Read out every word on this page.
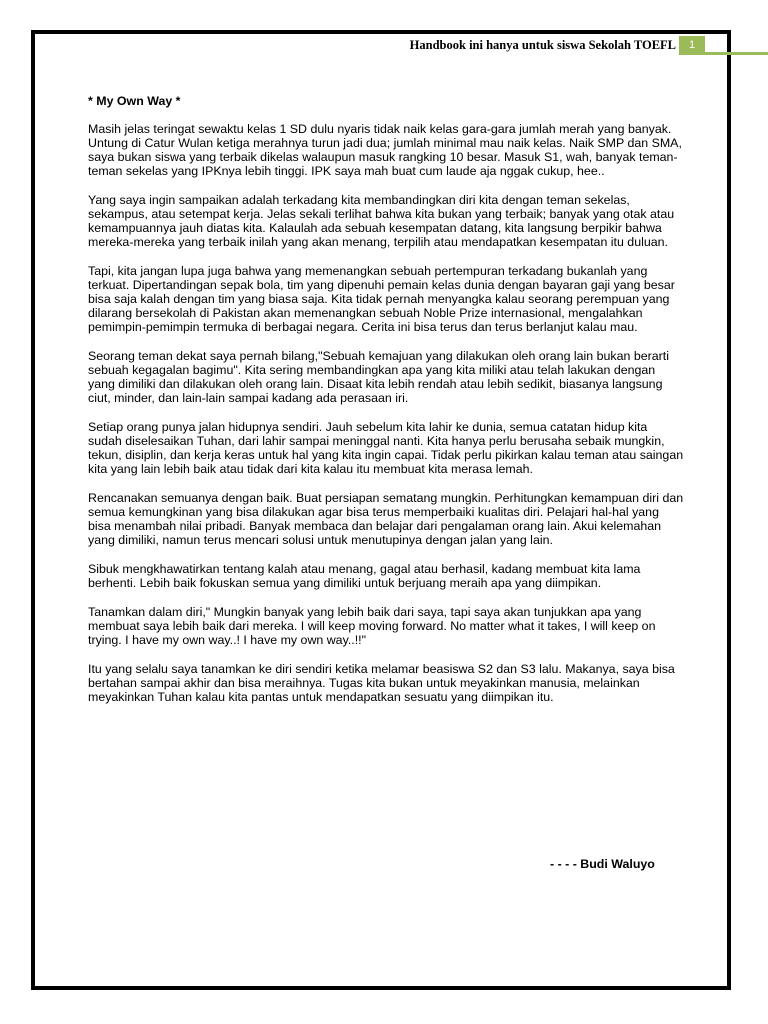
Handbook ini hanya untuk siswa Sekolah TOEFL	1
* My Own Way *

Masih jelas teringat sewaktu kelas 1 SD dulu nyaris tidak naik kelas gara-gara jumlah merah yang banyak. Untung di Catur Wulan ketiga merahnya turun jadi dua; jumlah minimal mau naik kelas. Naik SMP dan SMA, saya bukan siswa yang terbaik dikelas walaupun masuk rangking 10 besar. Masuk S1, wah, banyak teman-teman sekelas yang IPKnya lebih tinggi. IPK saya mah buat cum laude aja nggak cukup, hee..

Yang saya ingin sampaikan adalah terkadang kita membandingkan diri kita dengan teman sekelas, sekampus, atau setempat kerja. Jelas sekali terlihat bahwa kita bukan yang terbaik; banyak yang otak atau kemampuannya jauh diatas kita. Kalaulah ada sebuah kesempatan datang, kita langsung berpikir bahwa mereka-mereka yang terbaik inilah yang akan menang, terpilih atau mendapatkan kesempatan itu duluan.

Tapi, kita jangan lupa juga bahwa yang memenangkan sebuah pertempuran terkadang bukanlah yang terkuat. Dipertandingan sepak bola, tim yang dipenuhi pemain kelas dunia dengan bayaran gaji yang besar bisa saja kalah dengan tim yang biasa saja. Kita tidak pernah menyangka kalau seorang perempuan yang dilarang bersekolah di Pakistan akan memenangkan sebuah Noble Prize internasional, mengalahkan pemimpin-pemimpin termuka di berbagai negara. Cerita ini bisa terus dan terus berlanjut kalau mau.

Seorang teman dekat saya pernah bilang,"Sebuah kemajuan yang dilakukan oleh orang lain bukan berarti sebuah kegagalan bagimu". Kita sering membandingkan apa yang kita miliki atau telah lakukan dengan yang dimiliki dan dilakukan oleh orang lain. Disaat kita lebih rendah atau lebih sedikit, biasanya langsung ciut, minder, dan lain-lain sampai kadang ada perasaan iri.

Setiap orang punya jalan hidupnya sendiri. Jauh sebelum kita lahir ke dunia, semua catatan hidup kita sudah diselesaikan Tuhan, dari lahir sampai meninggal nanti. Kita hanya perlu berusaha sebaik mungkin, tekun, disiplin, dan kerja keras untuk hal yang kita ingin capai. Tidak perlu pikirkan kalau teman atau saingan kita yang lain lebih baik atau tidak dari kita kalau itu membuat kita merasa lemah.

Rencanakan semuanya dengan baik. Buat persiapan sematang mungkin. Perhitungkan kemampuan diri dan semua kemungkinan yang bisa dilakukan agar bisa terus memperbaiki kualitas diri. Pelajari hal-hal yang bisa menambah nilai pribadi. Banyak membaca dan belajar dari pengalaman orang lain. Akui kelemahan yang dimiliki, namun terus mencari solusi untuk menutupinya dengan jalan yang lain.

Sibuk mengkhawatirkan tentang kalah atau menang, gagal atau berhasil, kadang membuat kita lama berhenti. Lebih baik fokuskan semua yang dimiliki untuk berjuang meraih apa yang diimpikan.

Tanamkan dalam diri," Mungkin banyak yang lebih baik dari saya, tapi saya akan tunjukkan apa yang membuat saya lebih baik dari mereka. I will keep moving forward. No matter what it takes, I will keep on trying. I have my own way..! I have my own way..!!"

Itu yang selalu saya tanamkan ke diri sendiri ketika melamar beasiswa S2 dan S3 lalu. Makanya, saya bisa bertahan sampai akhir dan bisa meraihnya. Tugas kita bukan untuk meyakinkan manusia, melainkan meyakinkan Tuhan kalau kita pantas untuk mendapatkan sesuatu yang diimpikan itu.

- - - - Budi Waluyo
